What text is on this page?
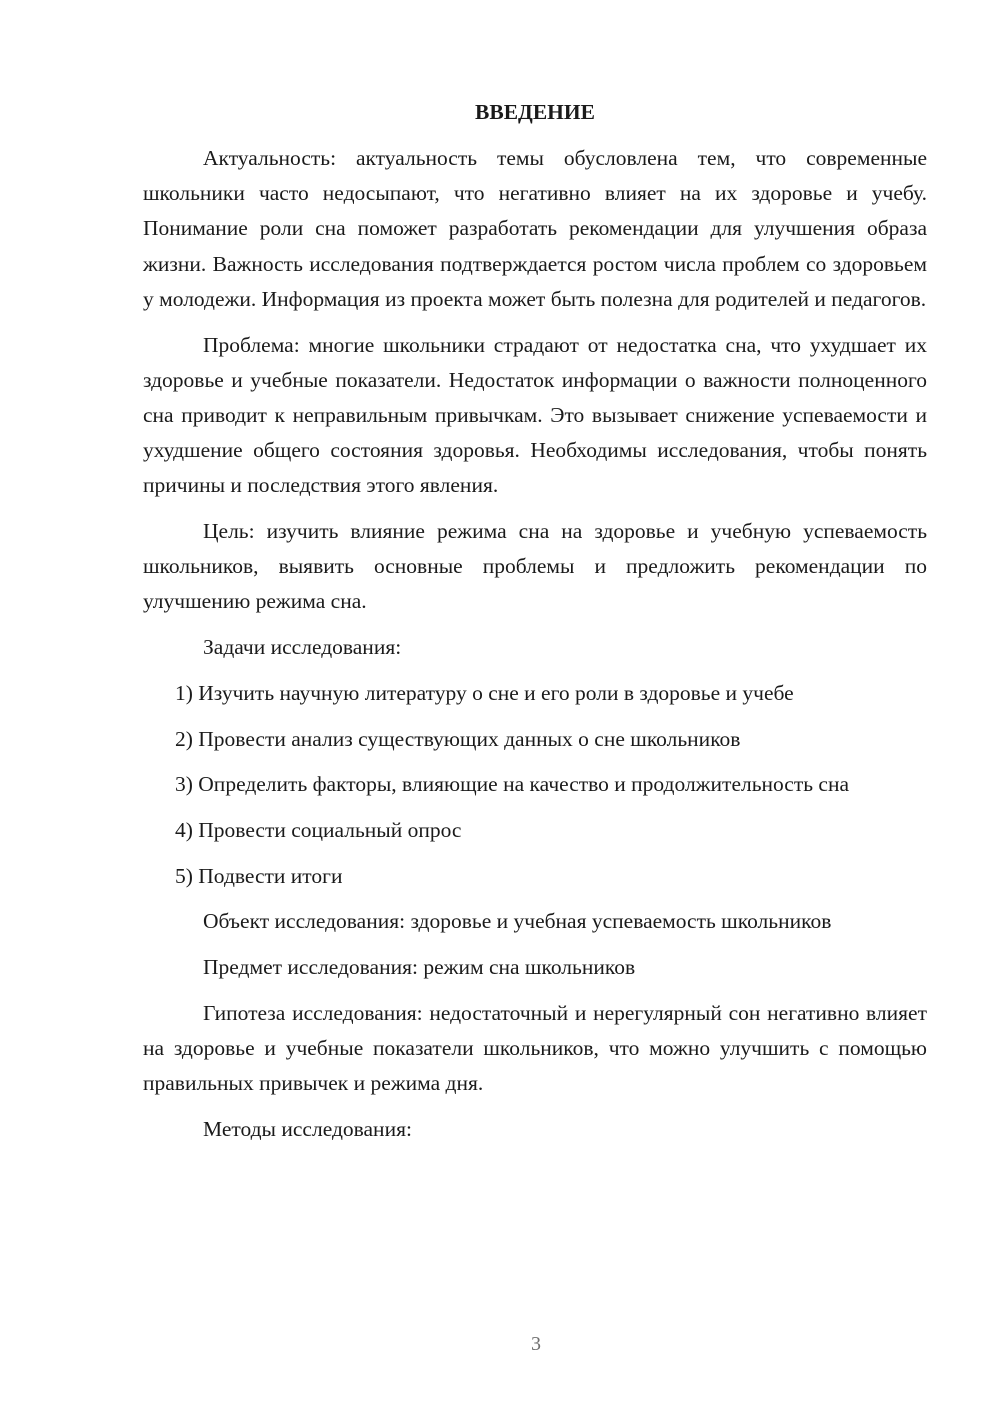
ВВЕДЕНИЕ

Актуальность: актуальность темы обусловлена тем, что современные школьники часто недосыпают, что негативно влияет на их здоровье и учебу. Понимание роли сна поможет разработать рекомендации для улучшения образа жизни. Важность исследования подтверждается ростом числа проблем со здоровьем у молодежи. Информация из проекта может быть полезна для родителей и педагогов.

Проблема: многие школьники страдают от недостатка сна, что ухудшает их здоровье и учебные показатели. Недостаток информации о важности полноценного сна приводит к неправильным привычкам. Это вызывает снижение успеваемости и ухудшение общего состояния здоровья. Необходимы исследования, чтобы понять причины и последствия этого явления.

Цель: изучить влияние режима сна на здоровье и учебную успеваемость школьников, выявить основные проблемы и предложить рекомендации по улучшению режима сна.

Задачи исследования:

1) Изучить научную литературу о сне и его роли в здоровье и учебе

2) Провести анализ существующих данных о сне школьников

3) Определить факторы, влияющие на качество и продолжительность сна

4) Провести социальный опрос

5) Подвести итоги

Объект исследования: здоровье и учебная успеваемость школьников

Предмет исследования: режим сна школьников

Гипотеза исследования: недостаточный и нерегулярный сон негативно влияет на здоровье и учебные показатели школьников, что можно улучшить с помощью правильных привычек и режима дня.

Методы исследования:

3
